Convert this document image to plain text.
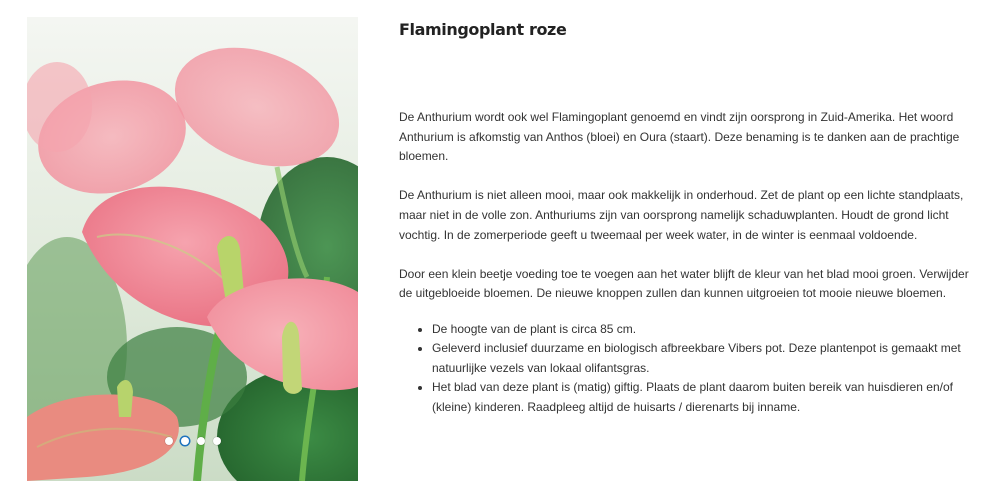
Flamingoplant roze

De Anthurium wordt ook wel Flamingoplant genoemd en vindt zijn oorsprong in Zuid-Amerika. Het woord Anthurium is afkomstig van Anthos (bloei) en Oura (staart). Deze benaming is te danken aan de prachtige bloemen.

De Anthurium is niet alleen mooi, maar ook makkelijk in onderhoud. Zet de plant op een lichte standplaats, maar niet in de volle zon. Anthuriums zijn van oorsprong namelijk schaduwplanten. Houdt de grond licht vochtig. In de zomerperiode geeft u tweemaal per week water, in de winter is eenmaal voldoende.

Door een klein beetje voeding toe te voegen aan het water blijft de kleur van het blad mooi groen. Verwijder de uitgebloeide bloemen. De nieuwe knoppen zullen dan kunnen uitgroeien tot mooie nieuwe bloemen.

• De hoogte van de plant is circa 85 cm.
• Geleverd inclusief duurzame en biologisch afbreekbare Vibers pot. Deze plantenpot is gemaakt met natuurlijke vezels van lokaal olifantsgras.
• Het blad van deze plant is (matig) giftig. Plaats de plant daarom buiten bereik van huisdieren en/of (kleine) kinderen. Raadpleeg altijd de huisarts / dierenarts bij inname.
